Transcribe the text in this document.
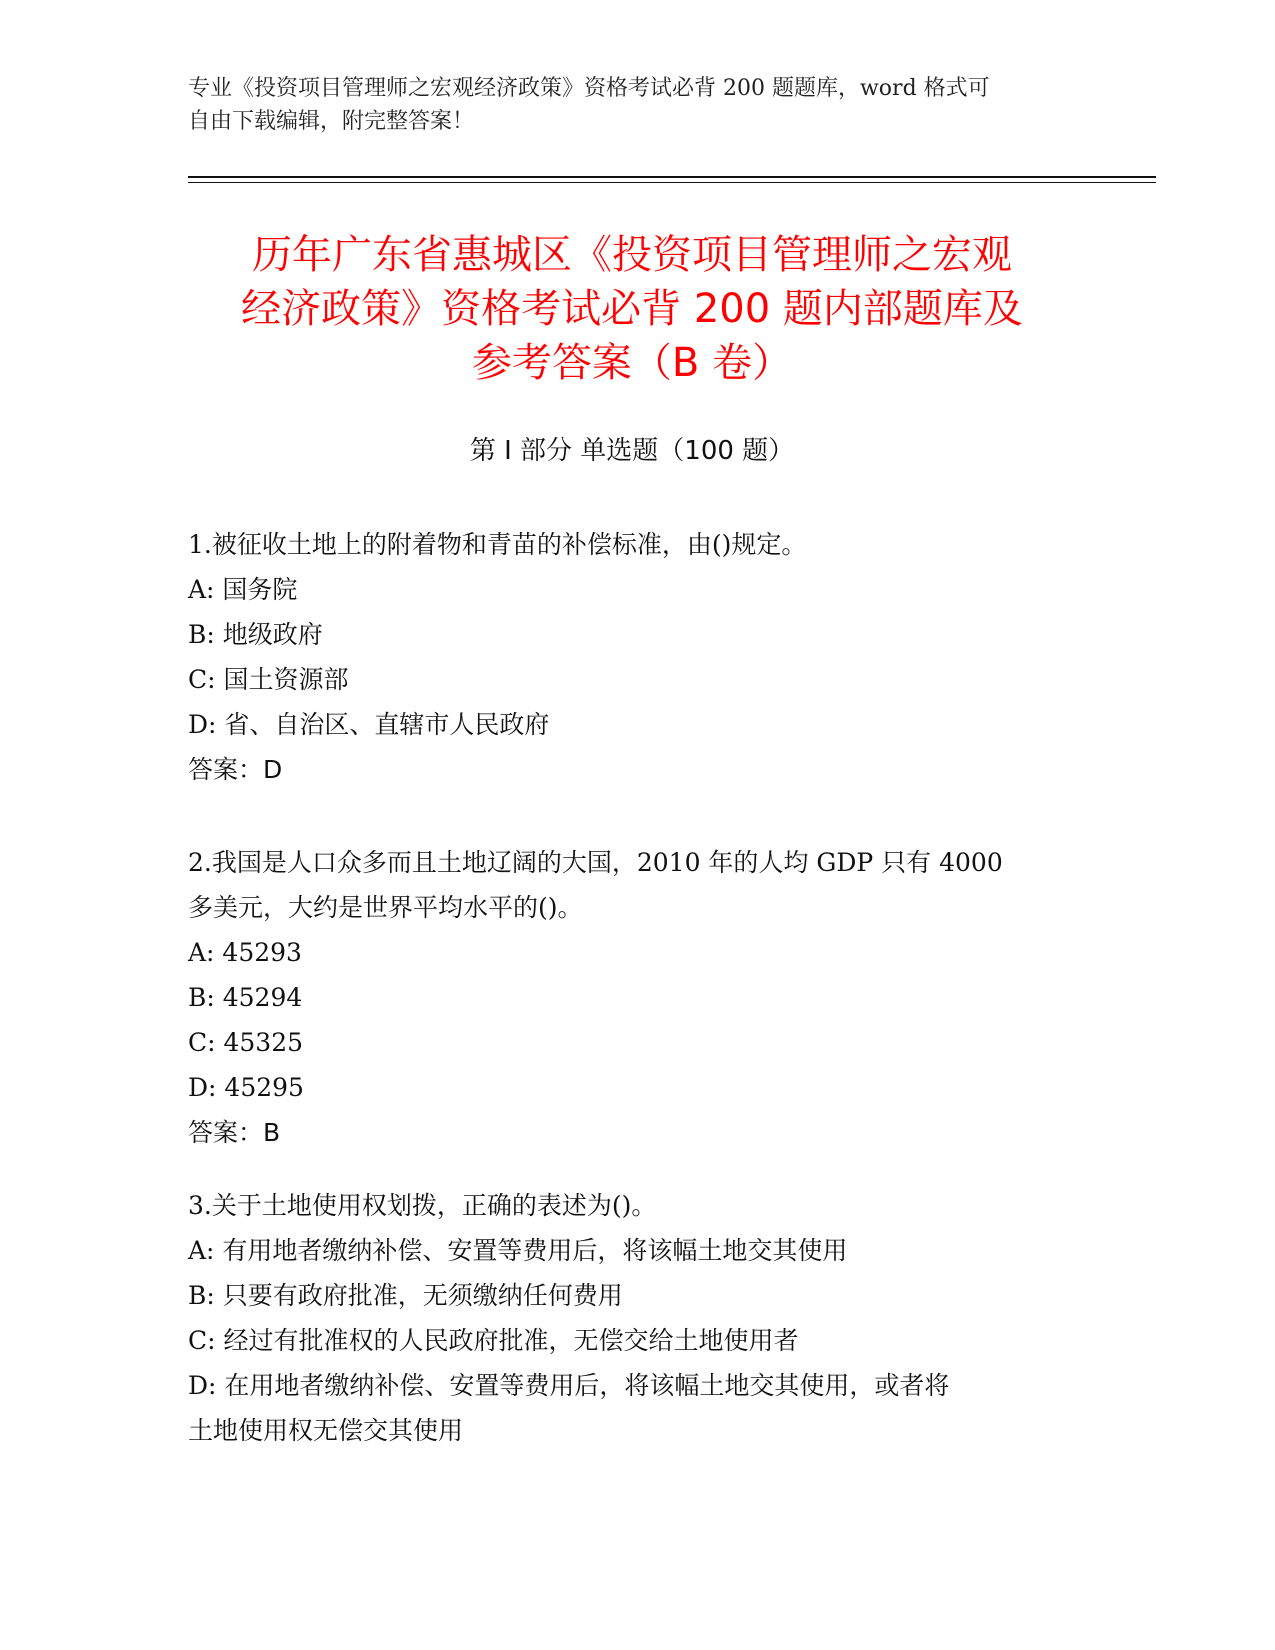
专业《投资项目管理师之宏观经济政策》资格考试必背 200 题题库，word 格式可

自由下载编辑，附完整答案！

历年广东省惠城区《投资项目管理师之宏观

经济政策》资格考试必背 200 题内部题库及

参考答案（B 卷）

第 I 部分 单选题（100 题）

1.被征收土地上的附着物和青苗的补偿标准，由()规定。

A: 国务院

B: 地级政府

C: 国土资源部

D: 省、自治区、直辖市人民政府

答案：D

2.我国是人口众多而且土地辽阔的大国，2010 年的人均 GDP 只有 4000

多美元，大约是世界平均水平的()。

A: 45293

B: 45294

C: 45325

D: 45295

答案：B

3.关于土地使用权划拨，正确的表述为()。

A: 有用地者缴纳补偿、安置等费用后，将该幅土地交其使用

B: 只要有政府批准，无须缴纳任何费用

C: 经过有批准权的人民政府批准，无偿交给土地使用者

D: 在用地者缴纳补偿、安置等费用后，将该幅土地交其使用，或者将

土地使用权无偿交其使用
